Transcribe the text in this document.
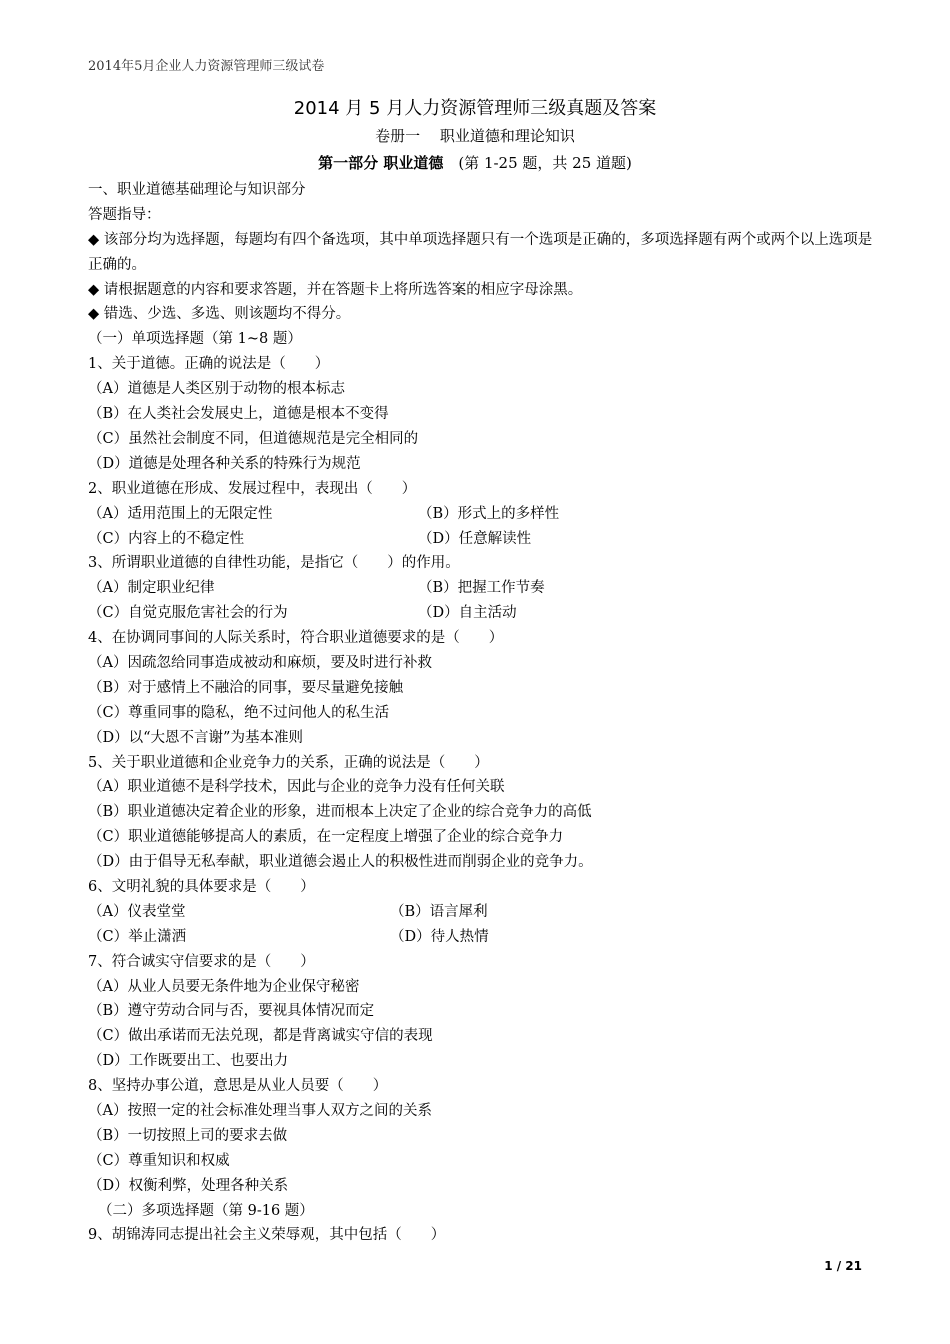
2014年5月企业人力资源管理师三级试卷
2014 月 5 月人力资源管理师三级真题及答案
卷册一　 职业道德和理论知识
第一部分 职业道德　(第 1-25 题，共 25 道题)
一、职业道德基础理论与知识部分
答题指导：
◆ 该部分均为选择题，每题均有四个备选项，其中单项选择题只有一个选项是正确的，多项选择题有两个或两个以上选项是正确的。
◆ 请根据题意的内容和要求答题，并在答题卡上将所选答案的相应字母涂黑。
◆ 错选、少选、多选、则该题均不得分。
（一）单项选择题（第 1~8 题）
1、关于道德。正确的说法是（　　）
（A）道德是人类区别于动物的根本标志
（B）在人类社会发展史上，道德是根本不变得
（C）虽然社会制度不同，但道德规范是完全相同的
（D）道德是处理各种关系的特殊行为规范
2、职业道德在形成、发展过程中，表现出（　　）
（A）适用范围上的无限定性	（B）形式上的多样性
（C）内容上的不稳定性	（D）任意解读性
3、所谓职业道德的自律性功能，是指它（　　）的作用。
（A）制定职业纪律	（B）把握工作节奏
（C）自觉克服危害社会的行为	（D）自主活动
4、在协调同事间的人际关系时，符合职业道德要求的是（　　）
（A）因疏忽给同事造成被动和麻烦，要及时进行补救
（B）对于感情上不融洽的同事，要尽量避免接触
（C）尊重同事的隐私，绝不过问他人的私生活
（D）以“大恩不言谢”为基本准则
5、关于职业道德和企业竞争力的关系，正确的说法是（　　）
（A）职业道德不是科学技术，因此与企业的竞争力没有任何关联
（B）职业道德决定着企业的形象，进而根本上决定了企业的综合竞争力的高低
（C）职业道德能够提高人的素质，在一定程度上增强了企业的综合竞争力
（D）由于倡导无私奉献，职业道德会遏止人的积极性进而削弱企业的竞争力。
6、文明礼貌的具体要求是（　　）
（A）仪表堂堂	（B）语言犀利
（C）举止潇洒	（D）待人热情
7、符合诚实守信要求的是（　　）
（A）从业人员要无条件地为企业保守秘密
（B）遵守劳动合同与否，要视具体情况而定
（C）做出承诺而无法兑现，都是背离诚实守信的表现
（D）工作既要出工、也要出力
8、坚持办事公道，意思是从业人员要（　　）
（A）按照一定的社会标准处理当事人双方之间的关系
（B）一切按照上司的要求去做
（C）尊重知识和权威
（D）权衡利弊，处理各种关系
（二）多项选择题（第 9-16 题）
9、胡锦涛同志提出社会主义荣辱观，其中包括（　　）
1 / 21
